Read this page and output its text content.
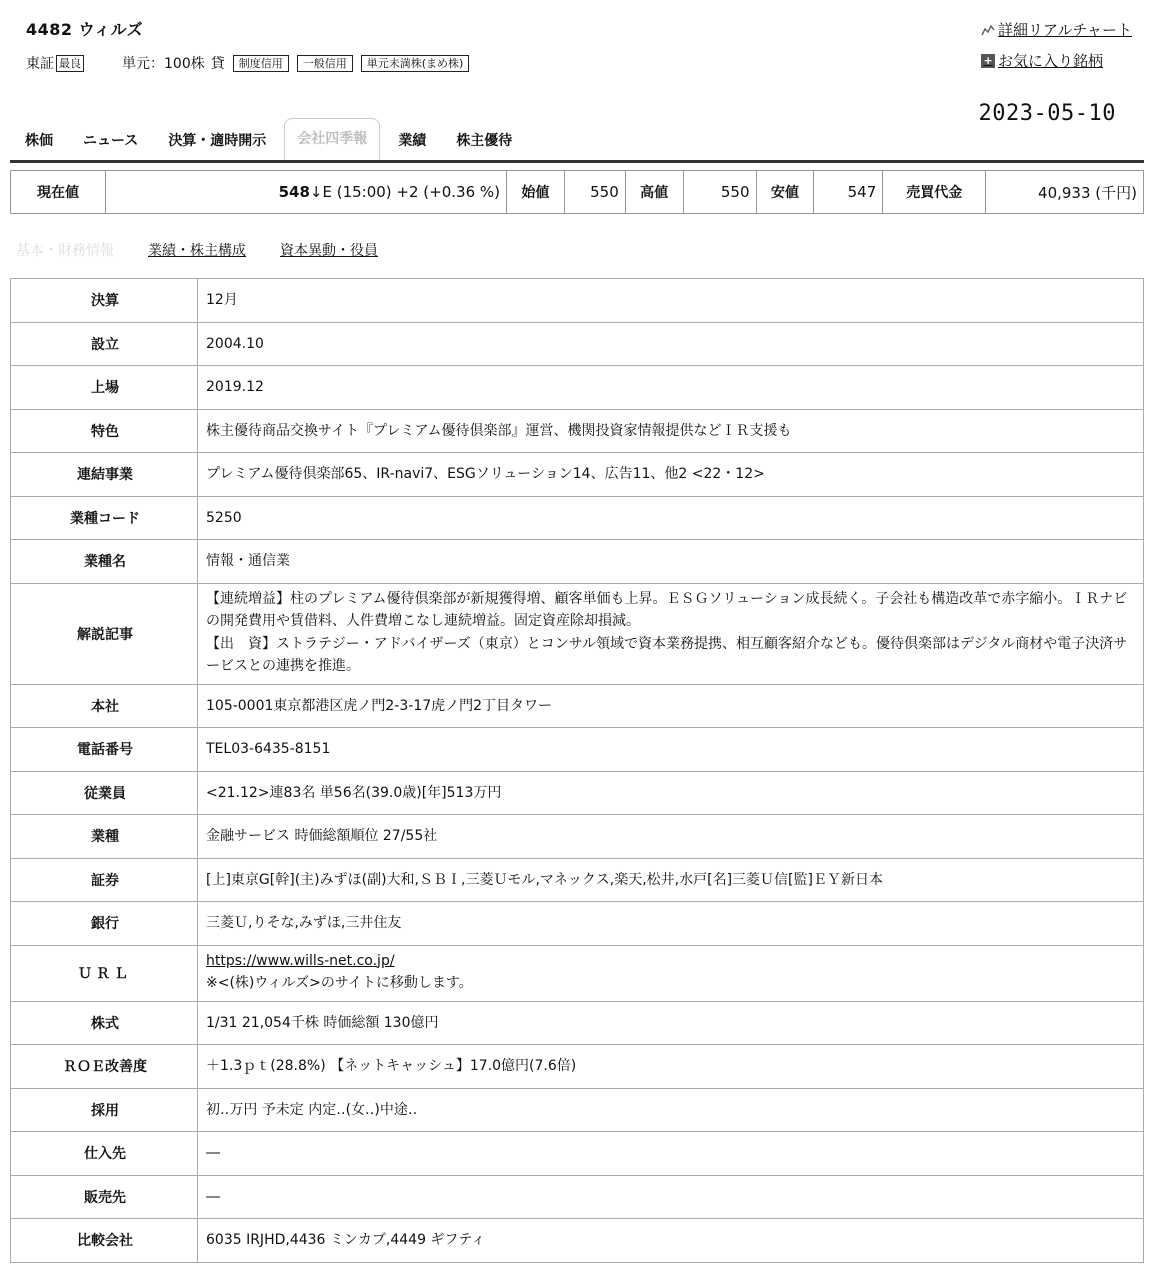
4482 ウィルズ
東証 最良	単元：100株 貸	制度信用	一般信用	単元未満株(まめ株)
詳細リアルチャート
+ お気に入り銘柄
2023-05-10
株価	ニュース	決算・適時開示	会社四季報	業績	株主優待
現在値	548↓E (15:00) +2 (+0.36 %)	始値	550	高値	550	安値	547	売買代金	40,933 (千円)
基本・財務情報 業績・株主構成 資本異動・役員
決算	12月
設立	2004.10
上場	2019.12
特色	株主優待商品交換サイト『プレミアム優待倶楽部』運営、機関投資家情報提供などＩＲ支援も
連結事業	プレミアム優待倶楽部65、IR-navi7、ESGソリューション14、広告11、他2 <22・12>
業種コード	5250
業種名	情報・通信業
解説記事	【連続増益】柱のプレミアム優待倶楽部が新規獲得増、顧客単価も上昇。ＥＳＧソリューション成長続く。子会社も構造改革で赤字縮小。ＩＲナビの開発費用や賃借料、人件費増こなし連続増益。固定資産除却損減。
【出　資】ストラテジー・アドバイザーズ（東京）とコンサル領域で資本業務提携、相互顧客紹介なども。優待倶楽部はデジタル商材や電子決済サービスとの連携を推進。

本社	105-0001東京都港区虎ノ門2-3-17虎ノ門2丁目タワー
電話番号	TEL03-6435-8151
従業員	<21.12>連83名 単56名(39.0歳)[年]513万円
業種	金融サービス 時価総額順位 27/55社
証券	[上]東京G[幹](主)みずほ(副)大和,ＳＢＩ,三菱Ｕモル,マネックス,楽天,松井,水戸[名]三菱Ｕ信[監]ＥＹ新日本
銀行	三菱Ｕ,りそな,みずほ,三井住友
ＵＲＬ	https://www.wills-net.co.jp/
※<(株)ウィルズ>のサイトに移動します。

株式	1/31 21,054千株 時価総額 130億円
ＲＯＥ改善度	＋1.3ｐｔ(28.8%) 【ネットキャッシュ】17.0億円(7.6倍)
採用	初‥万円 予未定 内定‥(女‥)中途‥
仕入先	―
販売先	―
比較会社	6035 IRJHD,4436 ミンカブ,4449 ギフティ
